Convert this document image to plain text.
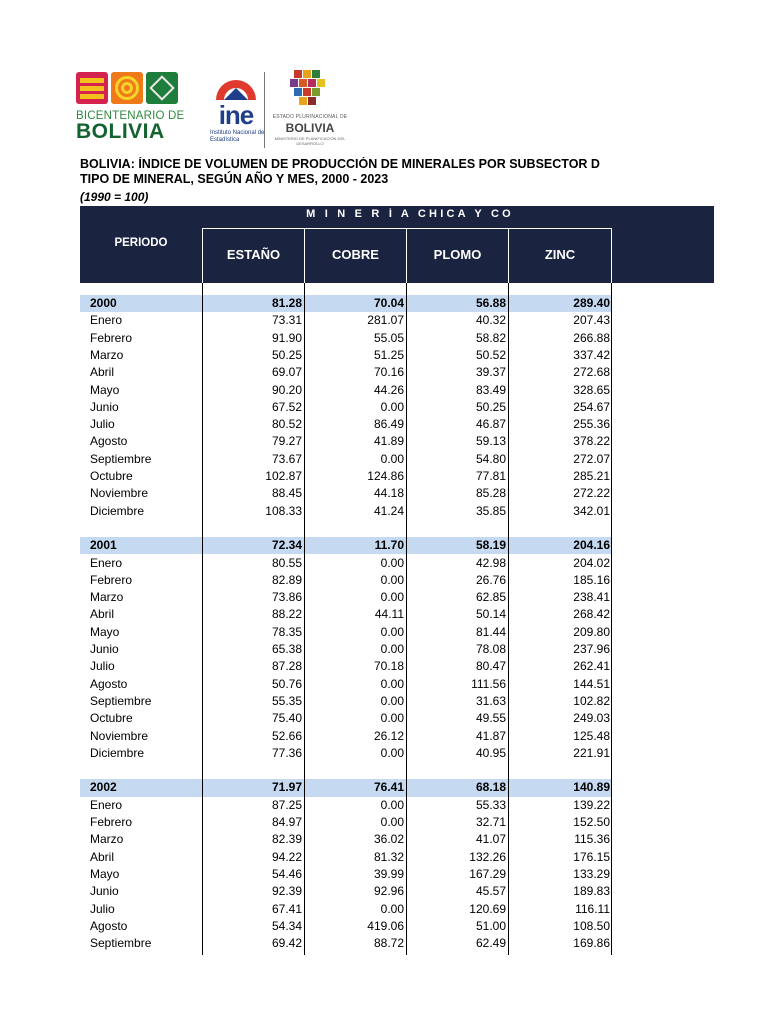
BICENTENARIO DE
BOLIVIA
ine
Instituto Nacional de Estadística
ESTADO PLURINACIONAL DE
BOLIVIA
MINISTERIO DE PLANIFICACIÓN DEL DESARROLLO
BOLIVIA: ÍNDICE DE VOLUMEN DE PRODUCCIÓN DE MINERALES POR SUBSECTOR D
TIPO DE MINERAL, SEGÚN AÑO Y MES, 2000 - 2023
(1990 = 100)
M I N E R Í A CHICA Y CO
PERIODO
ESTAÑO	COBRE	PLOMO	ZINC
2000	81.28	70.04	56.88	289.40
Enero	73.31	281.07	40.32	207.43
Febrero	91.90	55.05	58.82	266.88
Marzo	50.25	51.25	50.52	337.42
Abril	69.07	70.16	39.37	272.68
Mayo	90.20	44.26	83.49	328.65
Junio	67.52	0.00	50.25	254.67
Julio	80.52	86.49	46.87	255.36
Agosto	79.27	41.89	59.13	378.22
Septiembre	73.67	0.00	54.80	272.07
Octubre	102.87	124.86	77.81	285.21
Noviembre	88.45	44.18	85.28	272.22
Diciembre	108.33	41.24	35.85	342.01
2001	72.34	11.70	58.19	204.16
Enero	80.55	0.00	42.98	204.02
Febrero	82.89	0.00	26.76	185.16
Marzo	73.86	0.00	62.85	238.41
Abril	88.22	44.11	50.14	268.42
Mayo	78.35	0.00	81.44	209.80
Junio	65.38	0.00	78.08	237.96
Julio	87.28	70.18	80.47	262.41
Agosto	50.76	0.00	111.56	144.51
Septiembre	55.35	0.00	31.63	102.82
Octubre	75.40	0.00	49.55	249.03
Noviembre	52.66	26.12	41.87	125.48
Diciembre	77.36	0.00	40.95	221.91
2002	71.97	76.41	68.18	140.89
Enero	87.25	0.00	55.33	139.22
Febrero	84.97	0.00	32.71	152.50
Marzo	82.39	36.02	41.07	115.36
Abril	94.22	81.32	132.26	176.15
Mayo	54.46	39.99	167.29	133.29
Junio	92.39	92.96	45.57	189.83
Julio	67.41	0.00	120.69	116.11
Agosto	54.34	419.06	51.00	108.50
Septiembre	69.42	88.72	62.49	169.86
